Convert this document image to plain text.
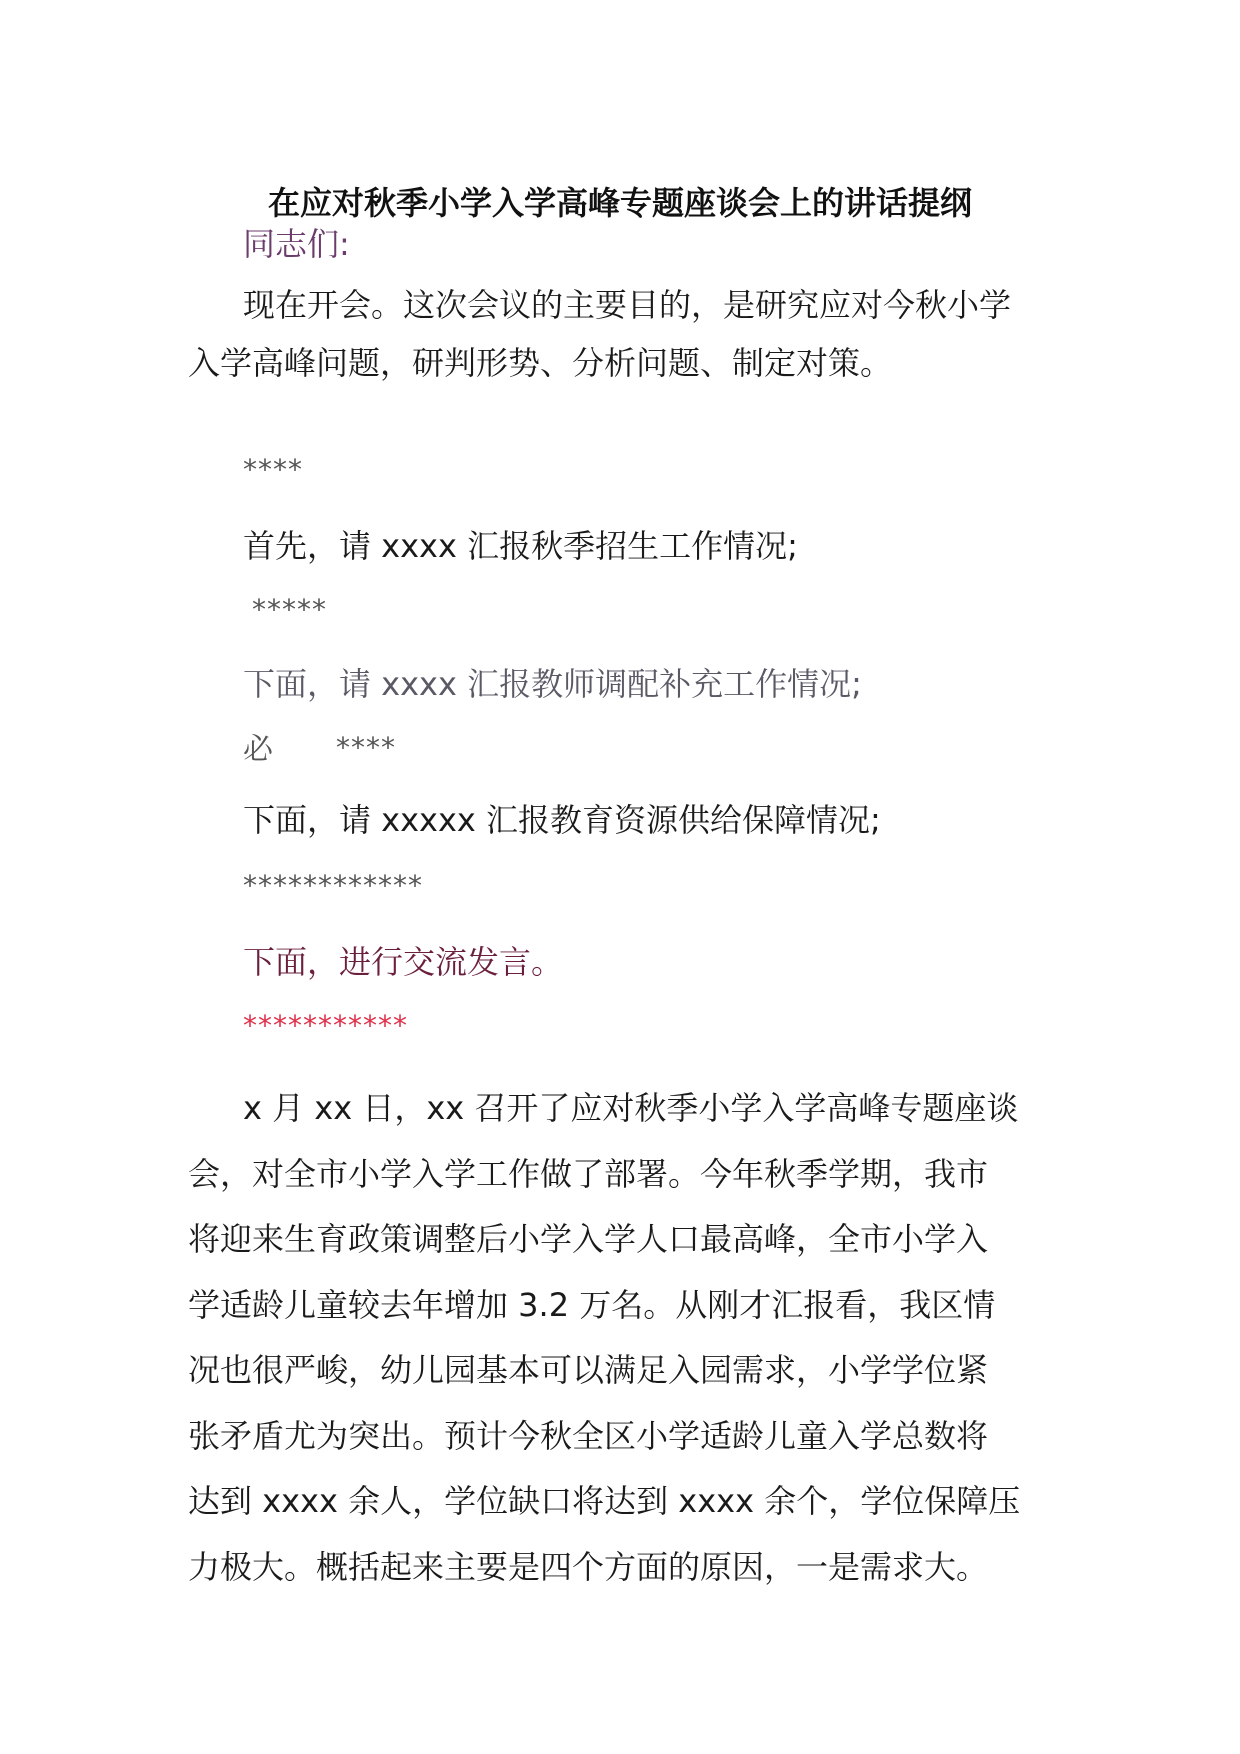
在应对秋季小学入学高峰专题座谈会上的讲话提纲
同志们:
现在开会。这次会议的主要目的，是研究应对今秋小学
入学高峰问题，研判形势、分析问题、制定对策。
****
首先，请 xxxx 汇报秋季招生工作情况;
*****
下面，请 xxxx 汇报教师调配补充工作情况;
必 ****
下面，请 xxxxx 汇报教育资源供给保障情况;
************
下面，进行交流发言。
***********
x 月 xx 日，xx 召开了应对秋季小学入学高峰专题座谈
会，对全市小学入学工作做了部署。今年秋季学期，我市
将迎来生育政策调整后小学入学人口最高峰，全市小学入
学适龄儿童较去年增加 3.2 万名。从刚才汇报看，我区情
况也很严峻，幼儿园基本可以满足入园需求，小学学位紧
张矛盾尤为突出。预计今秋全区小学适龄儿童入学总数将
达到 xxxx 余人，学位缺口将达到 xxxx 余个，学位保障压
力极大。概括起来主要是四个方面的原因，一是需求大。
